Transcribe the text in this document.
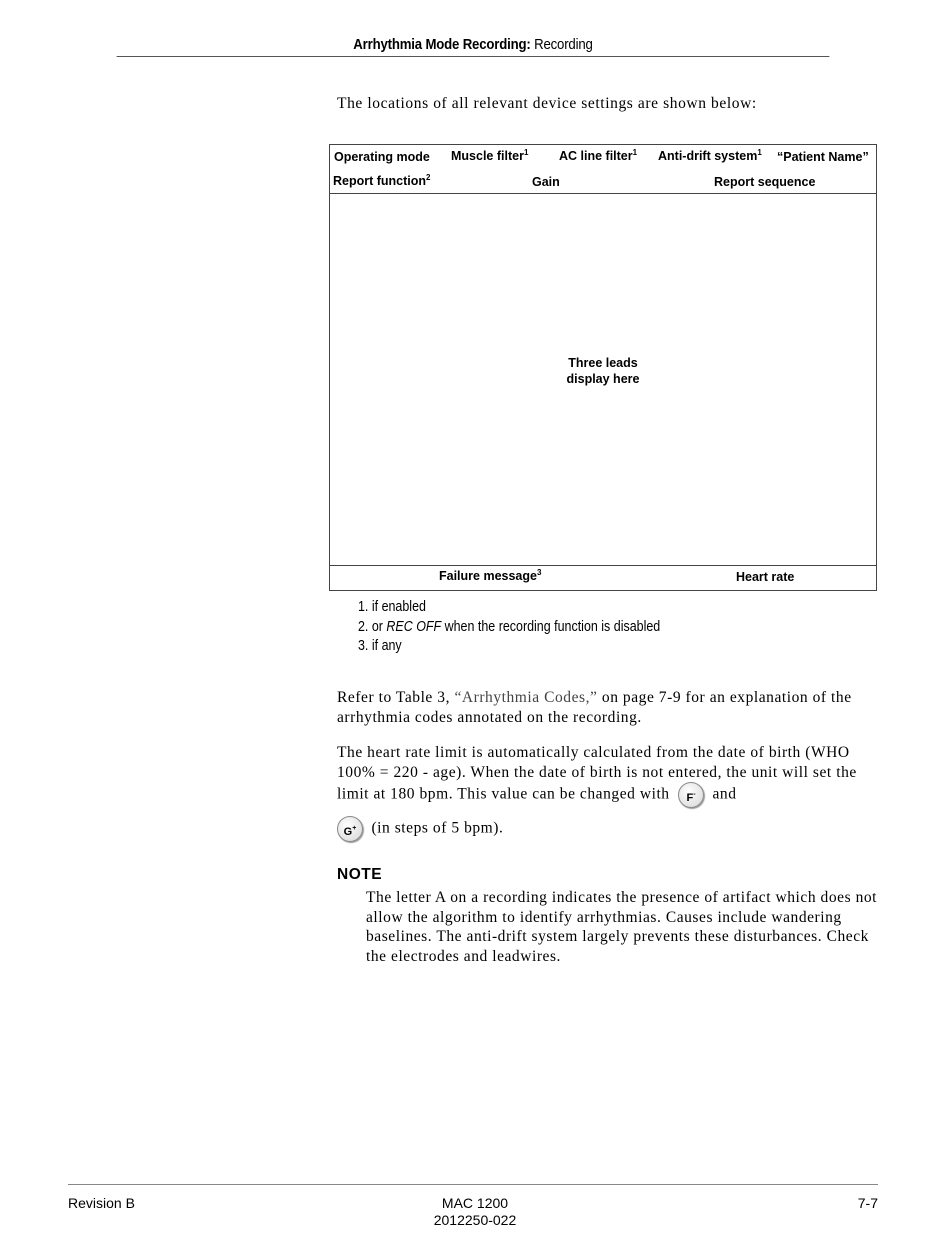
Arrhythmia Mode Recording: Recording
The locations of all relevant device settings are shown below:
Operating mode Muscle filter$^1$ AC line filter$^1$ Anti-drift system$^1$ “Patient Name”
Report function$^2$	Gain	Report sequence
Three leads
display here
Failure message$^3$	Heart rate
1. if enabled
2. or REC OFF when the recording function is disabled
3. if any
Refer to Table 3, “Arrhythmia Codes,” on page 7-9 for an explanation of the arrhythmia codes annotated on the recording.
The heart rate limit is automatically calculated from the date of birth (WHO 100% = 220 - age). When the date of birth is not entered, the unit will set the limit at 180 bpm. This value can be changed with F- and
G+ (in steps of 5 bpm).
NOTE
The letter A on a recording indicates the presence of artifact which does not allow the algorithm to identify arrhythmias. Causes include wandering baselines. The anti-drift system largely prevents these disturbances. Check the electrodes and leadwires.
Revision B	MAC 1200
2012250-022
7-7
